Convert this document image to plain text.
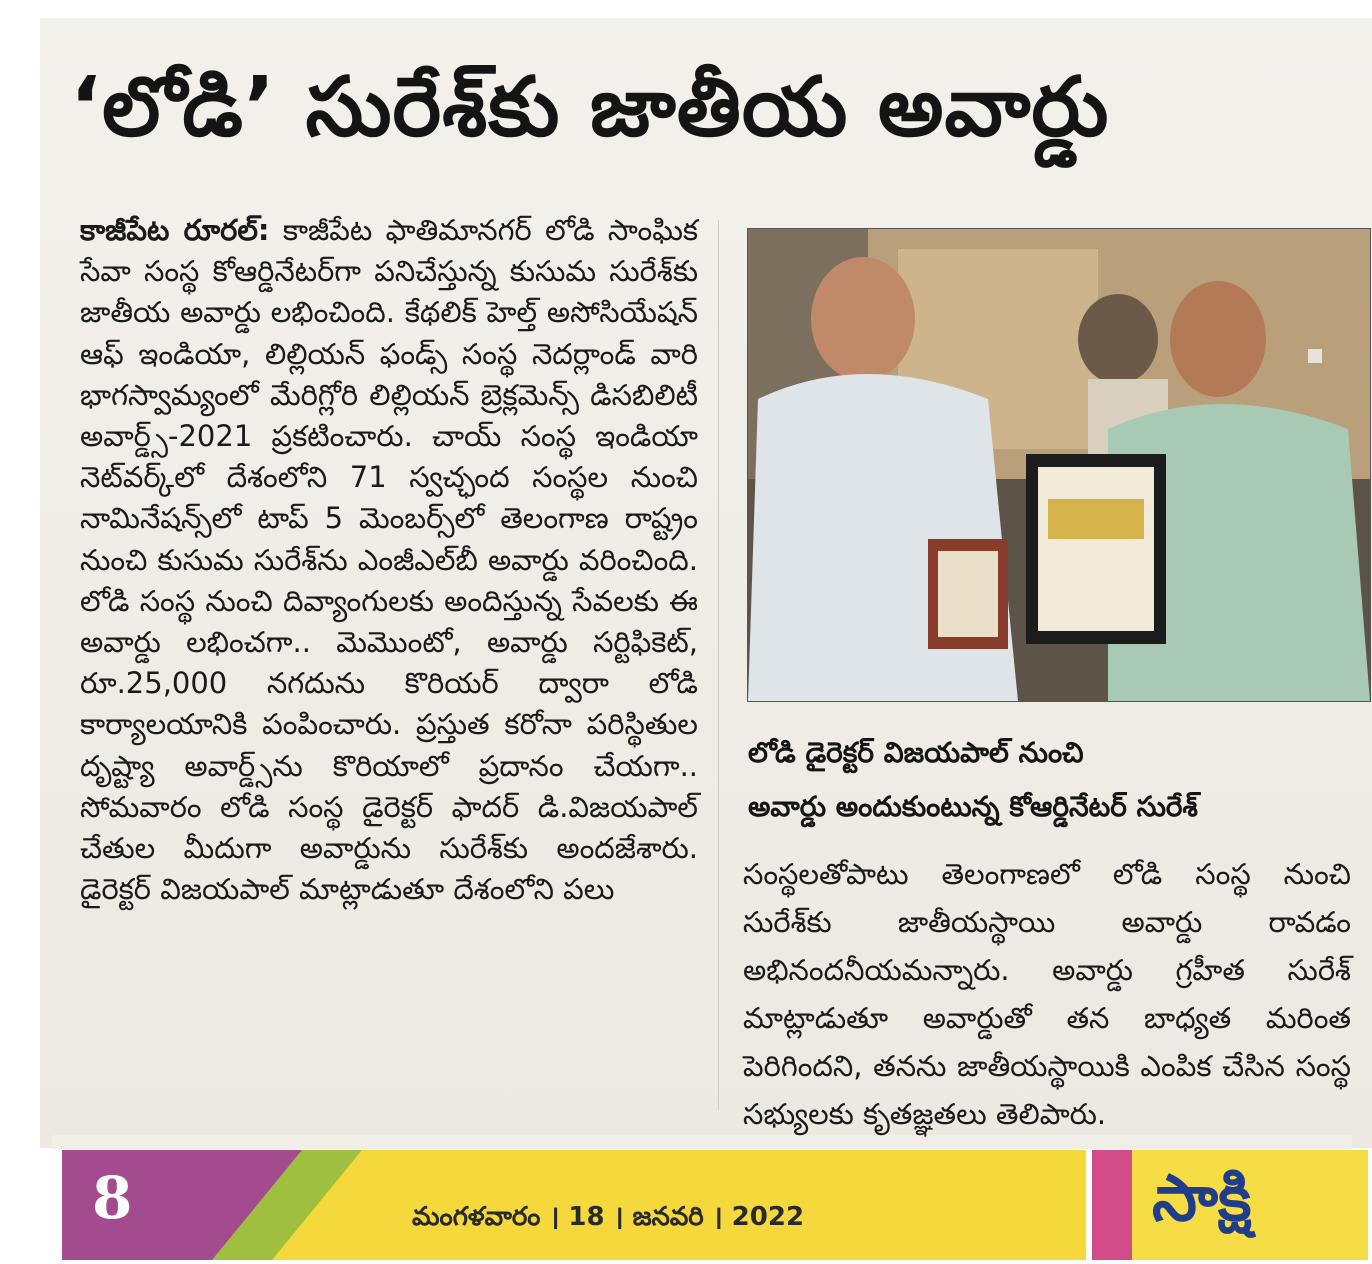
‘లోడి’ సురేశ్‌కు జాతీయ అవార్డు

కాజీపేట రూరల్: కాజీపేట ఫాతిమానగర్ లోడి సాంఘిక సేవా సంస్థ కోఆర్డినేటర్‌గా పనిచేస్తున్న కుసుమ సురేశ్‌కు జాతీయ అవార్డు లభించింది. కేథలిక్ హెల్త్ అసోసియేషన్ ఆఫ్ ఇండియా, లిల్లియన్ ఫండ్స్ సంస్థ నెదర్లాండ్ వారి భాగస్వామ్యంలో మేరిగ్లోరి లిల్లియన్ బ్రెక్లమెన్స్ డిసబిలిటీ అవార్డ్స్-2021 ప్రకటించారు. చాయ్ సంస్థ ఇండియా నెట్‌వర్క్‌లో దేశంలోని 71 స్వచ్ఛంద సంస్థల నుంచి నామినేషన్స్‌లో టాప్ 5 మెంబర్స్‌లో తెలంగాణ రాష్ట్రం నుంచి కుసుమ సురేశ్‌ను ఎంజీఎల్‌బీ అవార్డు వరించింది. లోడి సంస్థ నుంచి దివ్యాంగులకు అందిస్తున్న సేవలకు ఈ అవార్డు లభించగా.. మెమొంటో, అవార్డు సర్టిఫికెట్, రూ.25,000 నగదును కొరియర్ ద్వారా లోడి కార్యాలయానికి పంపించారు. ప్రస్తుత కరోనా పరిస్థితుల దృష్ట్యా అవార్డ్స్‌ను కొరియాలో ప్రదానం చేయగా.. సోమవారం లోడి సంస్థ డైరెక్టర్ ఫాదర్ డి.విజయపాల్ చేతుల మీదుగా అవార్డును సురేశ్‌కు అందజేశారు. డైరెక్టర్ విజయపాల్ మాట్లాడుతూ దేశంలోని పలు

లోడి డైరెక్టర్ విజయపాల్ నుంచి
అవార్డు అందుకుంటున్న కోఆర్డినేటర్ సురేశ్

సంస్థలతోపాటు తెలంగాణలో లోడి సంస్థ నుంచి సురేశ్‌కు జాతీయస్థాయి అవార్డు రావడం అభినందనీయమన్నారు. అవార్డు గ్రహీత సురేశ్ మాట్లాడుతూ అవార్డుతో తన బాధ్యత మరింత పెరిగిందని, తనను జాతీయస్థాయికి ఎంపిక చేసిన సంస్థ సభ్యులకు కృతజ్ఞతలు తెలిపారు.

8	మంగళవారం । 18 । జనవరి । 2022	సాక్షి
